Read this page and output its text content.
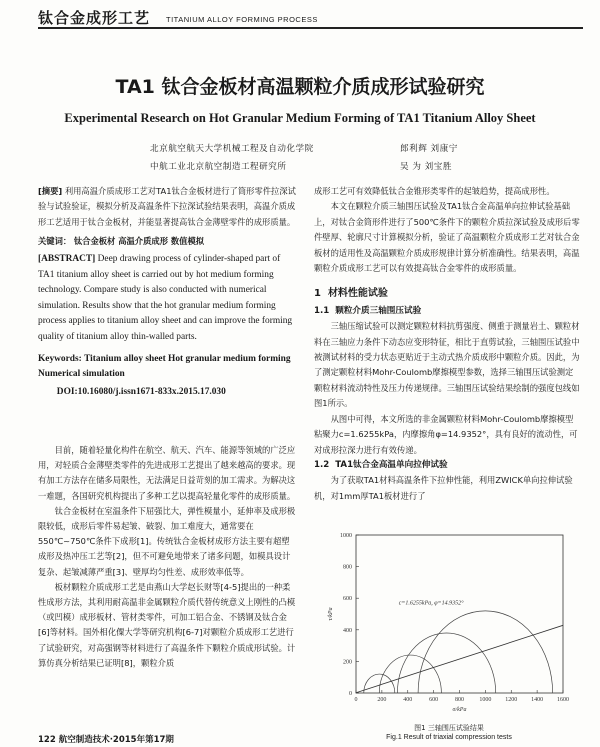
钛合金成形工艺 TITANIUM ALLOY FORMING PROCESS
TA1 钛合金板材高温颗粒介质成形试验研究
Experimental Research on Hot Granular Medium Forming of TA1 Titanium Alloy Sheet
北京航空航天大学机械工程及自动化学院	郎利辉 刘康宁
中航工业北京航空制造工程研究所	吴 为 刘宝胜

[摘要] 利用高温介质成形工艺对TA1钛合金板材进行了筒形零件拉深试验与试验验证，模拟分析及高温条件下拉深试验结果表明，高温介质成形工艺适用于钛合金板材，并能显著提高钛合金薄壁零件的成形质量。

关键词： 钛合金板材 高温介质成形 数值模拟

[ABSTRACT] Deep drawing process of cylinder-shaped part of TA1 titanium alloy sheet is carried out by hot medium forming technology. Compare study is also conducted with numerical simulation. Results show that the hot granular medium forming process applies to titanium alloy sheet and can improve the forming quality of titanium alloy thin-walled parts.

Keywords: Titanium alloy sheet Hot granular medium forming Numerical simulation

DOI:10.16080/j.issn1671-833x.2015.17.030

目前，随着轻量化构件在航空、航天、汽车、能源等领域的广泛应用，对轻质合金薄壁类零件的先进成形工艺提出了越来越高的要求。现有加工方法存在储多局限性，无法满足日益苛刻的加工需求。为解决这一难题，各国研究机构提出了多种工艺以提高轻量化零件的成形质量。

钛合金板材在室温条件下屈强比大，弹性模量小，延伸率及成形极限较低，成形后零件易起皱、破裂、加工难度大，通常要在550℃~750℃条件下成形[1]。传统钛合金板材成形方法主要有超塑成形及热冲压工艺等[2]，但不可避免地带来了诸多问题，如模具设计复杂、起皱减薄严重[3]、壁厚均匀性差、成形效率低等。

板材颗粒介质成形工艺是由燕山大学赵长财等[4-5]提出的一种柔性成形方法，其利用耐高温非金属颗粒介质代替传统意义上刚性的凸模（或凹模）成形板材、管材类零件，可加工铝合金、不锈钢及钛合金[6]等材料。国外相化僳大学等研究机构[6-7]对颗粒介质成形工艺进行了试验研究，对高强钢等材料进行了高温条件下颗粒介质成形试验。计算仿真分析结果已证明[8]，颗粒介质

成形工艺可有效降低钛合金锥形类零件的起皱趋势，提高成形性。

本文在颗粒介质三轴围压试验及TA1钛合金高温单向拉伸试验基础上，对钛合金筒形件进行了500℃条件下的颗粒介质拉深试验及成形后零件壁厚、轮廓尺寸计算模拟分析，验证了高温颗粒介质成形工艺对钛合金板材的适用性及高温颗粒介质成形规律计算分析准确性。结果表明，高温颗粒介质成形工艺可以有效提高钛合金零件的成形质量。

1 材料性能试验
1.1 颗粒介质三轴围压试验

三轴压缩试验可以测定颗粒材料抗剪强度、侧重于测量岩土、颗粒材料在三轴应力条件下动态应变形特征，相比于直剪试验，三轴围压试验中被测试材料的受力状态更贴近于主动式热介质成形中颗粒介质。因此，为了测定颗粒材料Mohr-Coulomb摩擦模型参数，选择三轴围压试验测定颗粒材料流动特性及压力传递规律。三轴围压试验结果绘制的强度包线如图1所示。

从图中可得，本文所选的非金属颗粒材料Mohr-Coulomb摩擦模型粘聚力c=1.6255kPa，内摩擦角φ=14.9352°，具有良好的流动性，可对成形拉深力进行有效传递。

1.2 TA1钛合金高温单向拉伸试验

为了获取TA1材料高温条件下拉伸性能，利用ZWICK单向拉伸试验机，对1mm厚TA1板材进行了

0	200	400	600	800	1000 1200 1400 1600
0
200
400
600
800
1000
σ/kPa
τ/kPa
c=1.6255kPa, φ=14.9352°
图1 三轴围压试验结果
Fig.1 Result of triaxial compression tests
122 航空制造技术·2015年第17期
